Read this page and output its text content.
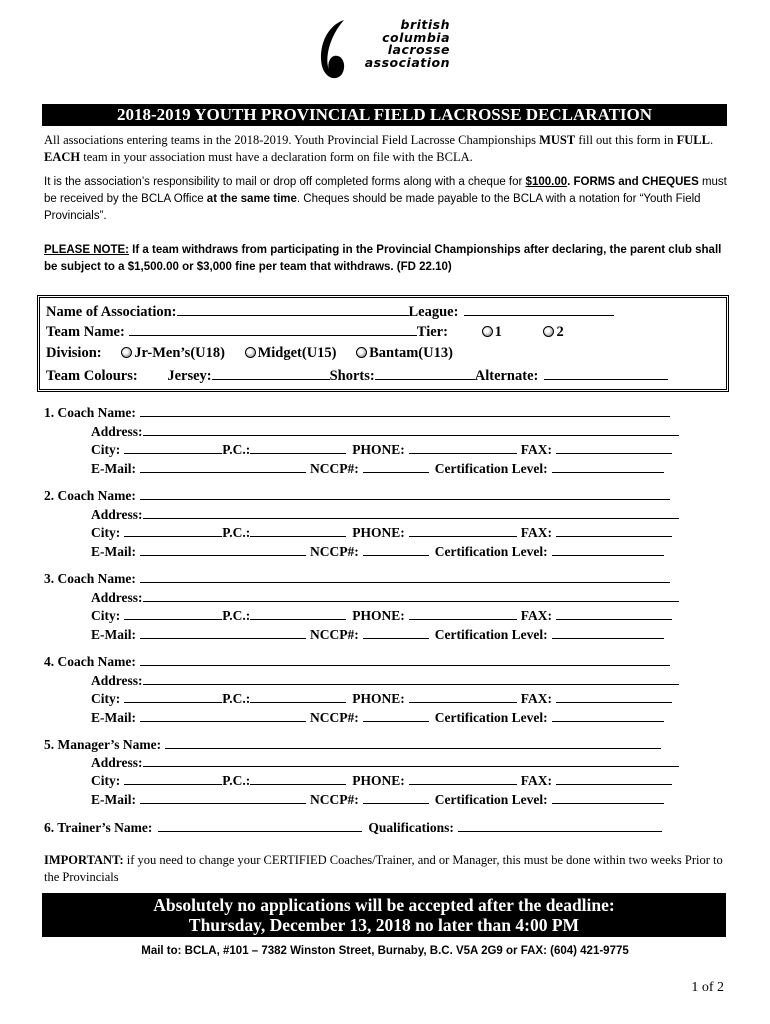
british
columbia
lacrosse
association
2018-2019 YOUTH PROVINCIAL FIELD LACROSSE DECLARATION
All associations entering teams in the 2018-2019. Youth Provincial Field Lacrosse Championships MUST fill out this form in FULL. EACH team in your association must have a declaration form on file with the BCLA.
It is the association’s responsibility to mail or drop off completed forms along with a cheque for $100.00. FORMS and CHEQUES must be received by the BCLA Office at the same time. Cheques should be made payable to the BCLA with a notation for “Youth Field Provincials”.
PLEASE NOTE: If a team withdraws from participating in the Provincial Championships after declaring, the parent club shall be subject to a $1,500.00 or $3,000 fine per team that withdraws. (FD 22.10)
Name of Association:	League:
Team Name:	Tier:	1	2
Division: Jr-Men’s(U18) Midget(U15) Bantam(U13)
Team Colours: Jersey:	Shorts:	Alternate:
1. Coach Name:
Address:
City:	P.C.:	PHONE:	FAX:
E-Mail:	NCCP#:	Certification Level:
2. Coach Name:
Address:
City:	P.C.:	PHONE:	FAX:
E-Mail:	NCCP#:	Certification Level:
3. Coach Name:
Address:
City:	P.C.:	PHONE:	FAX:
E-Mail:	NCCP#:	Certification Level:
4. Coach Name:
Address:
City:	P.C.:	PHONE:	FAX:
E-Mail:	NCCP#:	Certification Level:
5. Manager’s Name:
Address:
City:	P.C.:	PHONE:	FAX:
E-Mail:	NCCP#:	Certification Level:
6. Trainer’s Name:	Qualifications:
IMPORTANT: if you need to change your CERTIFIED Coaches/Trainer, and or Manager, this must be done within two weeks Prior to the Provincials
Absolutely no applications will be accepted after the deadline:
Thursday, December 13, 2018 no later than 4:00 PM
Mail to: BCLA, #101 – 7382 Winston Street, Burnaby, B.C. V5A 2G9 or FAX: (604) 421-9775
1 of 2
